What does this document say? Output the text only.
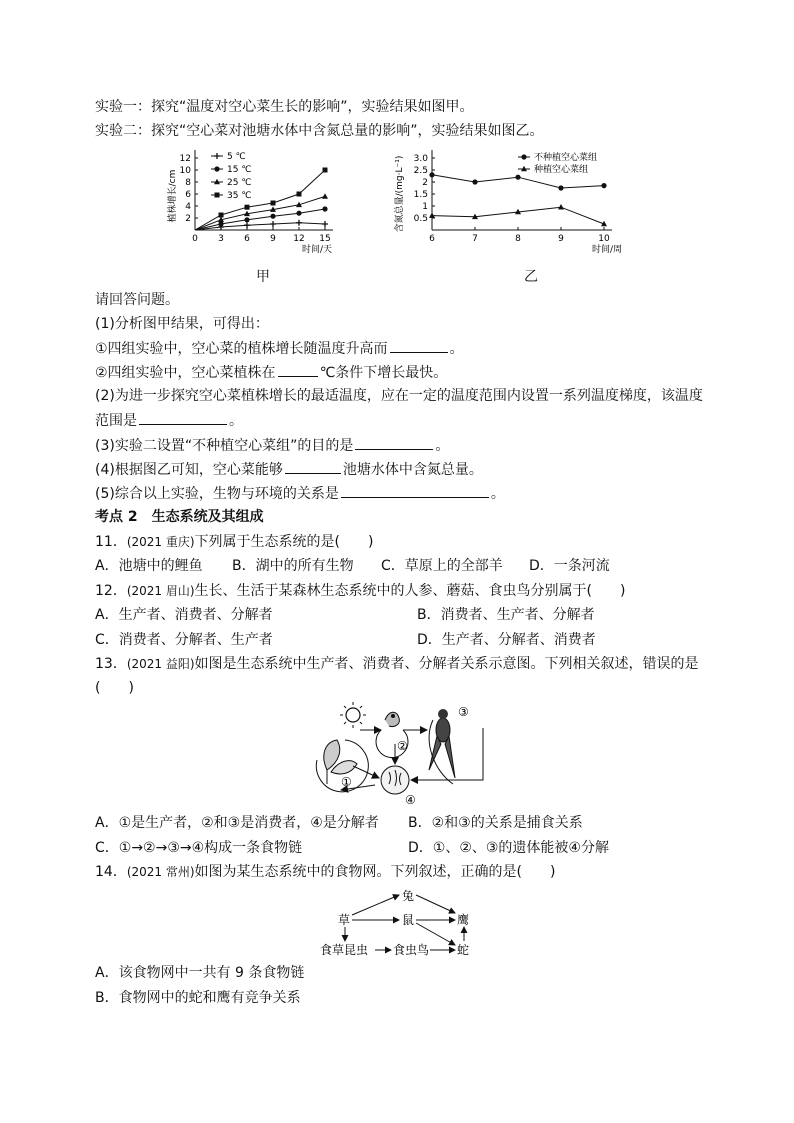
实验一：探究“温度对空心菜生长的影响”，实验结果如图甲。
实验二：探究“空心菜对池塘水体中含氮总量的影响”，实验结果如图乙。
0 3 6 9 12 15
2
4
6
8
10
12
植株增长/cm
时间/天
5 ℃
15 ℃
25 ℃
35 ℃
甲
6	7	8	9	10
0.5
1
1.5
2
2.5
3.0
含氮总量/(mg·L⁻¹)
时间/周
不种植空心菜组
种植空心菜组
乙
请回答问题。
(1)分析图甲结果，可得出：
①四组实验中，空心菜的植株增长随温度升高而	。
②四组实验中，空心菜植株在	℃条件下增长最快。
(2)为进一步探究空心菜植株增长的最适温度，应在一定的温度范围内设置一系列温度梯度，该温度
范围是	。
(3)实验二设置“不种植空心菜组”的目的是	。
(4)根据图乙可知，空心菜能够	池塘水体中含氮总量。
(5)综合以上实验，生物与环境的关系是	。
考点 2　生态系统及其组成
11．(2021 重庆)下列属于生态系统的是(　　)
A．池塘中的鲤鱼 B．湖中的所有生物 C．草原上的全部羊 D．一条河流
12．(2021 眉山)生长、生活于某森林生态系统中的人参、蘑菇、食虫鸟分别属于(　　)
A．生产者、消费者、分解者	B．消费者、生产者、分解者
C．消费者、分解者、生产者	D．生产者、分解者、消费者
13．(2021 益阳)如图是生态系统中生产者、消费者、分解者关系示意图。下列相关叙述，错误的是
(　　)
①
②
③
④
A．①是生产者，②和③是消费者，④是分解者 B．②和③的关系是捕食关系
C．①→②→③→④构成一条食物链	D．①、②、③的遗体能被④分解
14．(2021 常州)如图为某生态系统中的食物网。下列叙述，正确的是(　　)
草
兔
鼠	鹰
食草昆虫 食虫鸟 蛇
A．该食物网中一共有 9 条食物链
B．食物网中的蛇和鹰有竞争关系
